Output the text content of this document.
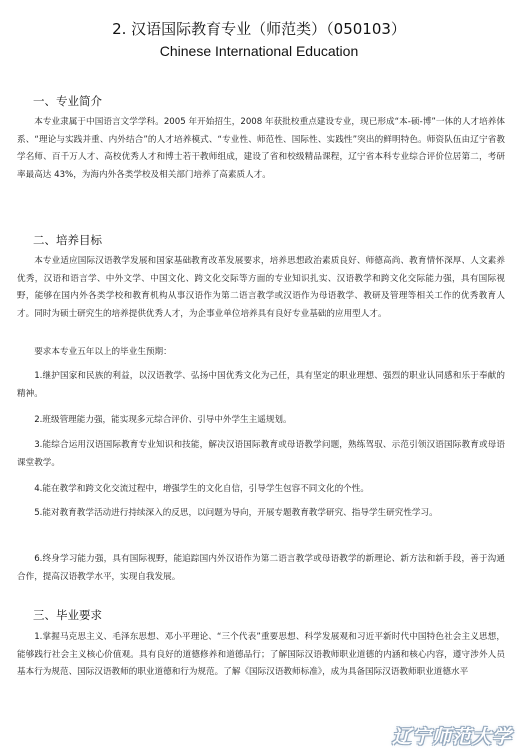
2. 汉语国际教育专业（师范类）（050103）
Chinese International Education
一、专业简介
本专业隶属于中国语言文学学科。2005 年开始招生，2008 年获批校重点建设专业，现已形成“本-硕-博”一体的人才培养体系、“理论与实践并重、内外结合”的人才培养模式、“专业性、师范性、国际性、实践性”突出的鲜明特色。师资队伍由辽宁省教学名师、百千万人才、高校优秀人才和博士若干教师组成，建设了省和校级精品课程，辽宁省本科专业综合评价位居第二，考研率最高达 43%，为海内外各类学校及相关部门培养了高素质人才。
二、培养目标
本专业适应国际汉语教学发展和国家基础教育改革发展要求，培养思想政治素质良好、师德高尚、教育情怀深厚、人文素养优秀，汉语和语言学、中外文学、中国文化、跨文化交际等方面的专业知识扎实、汉语教学和跨文化交际能力强，具有国际视野，能够在国内外各类学校和教育机构从事汉语作为第二语言教学或汉语作为母语教学、教研及管理等相关工作的优秀教育人才。同时为硕士研究生的培养提供优秀人才，为企事业单位培养具有良好专业基础的应用型人才。
要求本专业五年以上的毕业生预期：
1.继护国家和民族的利益，以汉语教学、弘扬中国优秀文化为己任，具有坚定的职业理想、强烈的职业认同感和乐于奉献的精神。
2.班级管理能力强，能实现多元综合评价、引导中外学生主遥规划。
3.能综合运用汉语国际教育专业知识和技能，解决汉语国际教育或母语教学问题，熟练驾驭、示范引领汉语国际教育或母语课堂教学。
4.能在教学和跨文化交流过程中，增强学生的文化自信，引导学生包容不同文化的个性。
5.能对教育教学活动进行持续深入的反思，以问题为导向，开展专题教育教学研究、指导学生研究性学习。
6.终身学习能力强，具有国际视野，能追踪国内外汉语作为第二语言教学或母语教学的新理论、新方法和新手段，善于沟通合作，提高汉语教学水平，实现自我发展。
三、毕业要求
1.掌握马克思主义、毛泽东思想、邓小平理论、“三个代表”重要思想、科学发展观和习近平新时代中国特色社会主义思想，能够践行社会主义核心价值观。具有良好的道德修养和道德品行；了解国际汉语教师职业道德的内涵和核心内容，遵守涉外人员基本行为规范、国际汉语教师的职业道德和行为规范。了解《国际汉语教师标准》，成为具备国际汉语教师职业道德水平
辽宁师范大学
